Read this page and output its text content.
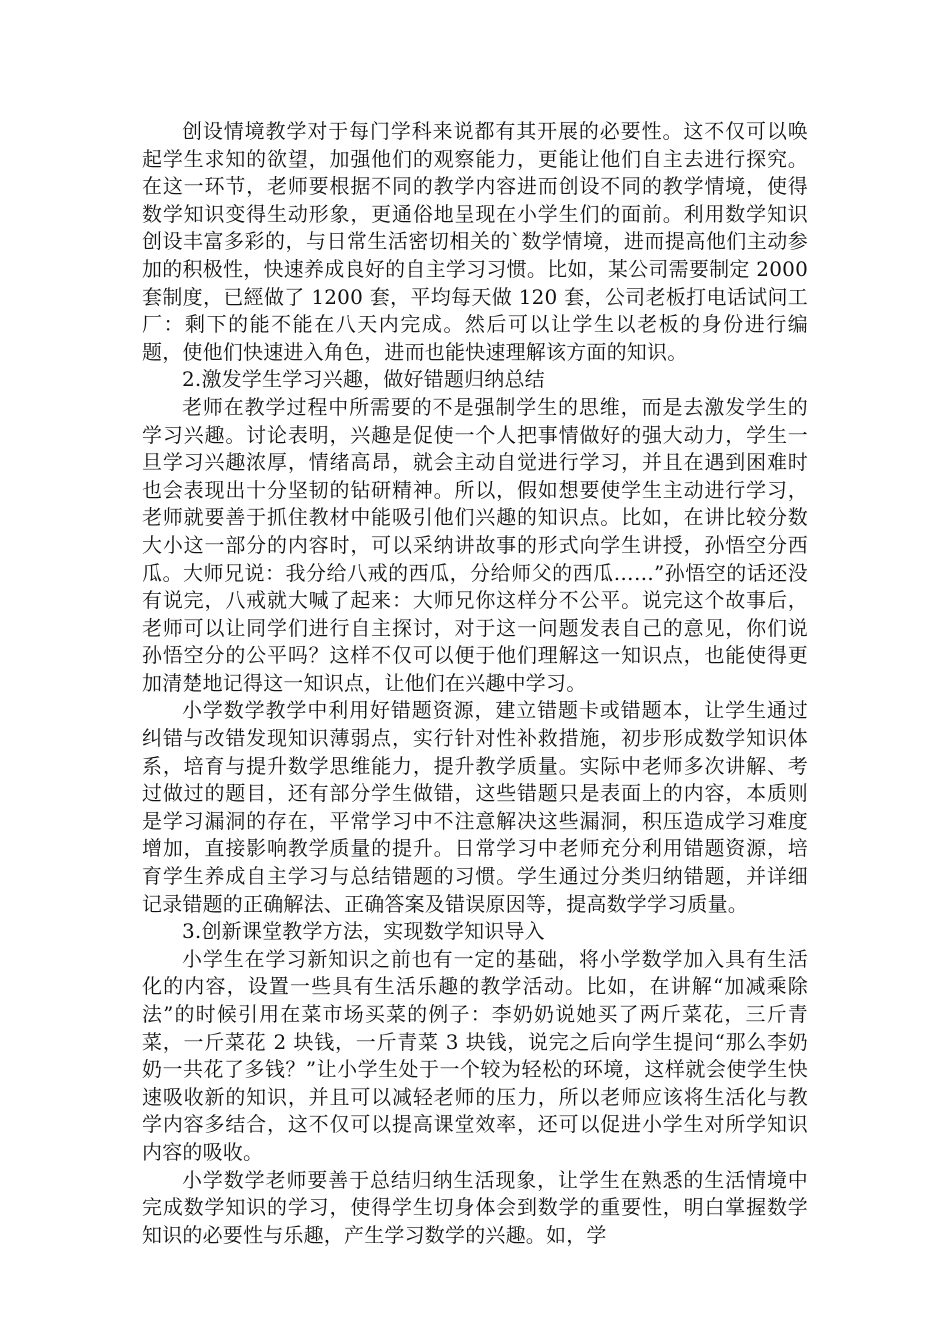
创设情境教学对于每门学科来说都有其开展的必要性。这不仅可以唤起学生求知的欲望，加强他们的观察能力，更能让他们自主去进行探究。在这一环节，老师要根据不同的教学内容进而创设不同的教学情境，使得数学知识变得生动形象，更通俗地呈现在小学生们的面前。利用数学知识创设丰富多彩的，与日常生活密切相关的`数学情境，进而提高他们主动参加的积极性，快速养成良好的自主学习习惯。比如，某公司需要制定 2000 套制度，已經做了 1200 套，平均每天做 120 套，公司老板打电话试问工厂：剩下的能不能在八天内完成。然后可以让学生以老板的身份进行编题，使他们快速进入角色，进而也能快速理解该方面的知识。

2.激发学生学习兴趣，做好错题归纳总结

老师在教学过程中所需要的不是强制学生的思维，而是去激发学生的学习兴趣。讨论表明，兴趣是促使一个人把事情做好的强大动力，学生一旦学习兴趣浓厚，情绪高昂，就会主动自觉进行学习，并且在遇到困难时也会表现出十分坚韧的钻研精神。所以，假如想要使学生主动进行学习，老师就要善于抓住教材中能吸引他们兴趣的知识点。比如，在讲比较分数大小这一部分的内容时，可以采纳讲故事的形式向学生讲授，孙悟空分西瓜。大师兄说：我分给八戒的西瓜，分给师父的西瓜……”孙悟空的话还没有说完，八戒就大喊了起来：大师兄你这样分不公平。说完这个故事后，老师可以让同学们进行自主探讨，对于这一问题发表自己的意见，你们说孙悟空分的公平吗？这样不仅可以便于他们理解这一知识点，也能使得更加清楚地记得这一知识点，让他们在兴趣中学习。

小学数学教学中利用好错题资源，建立错题卡或错题本，让学生通过纠错与改错发现知识薄弱点，实行针对性补救措施，初步形成数学知识体系，培育与提升数学思维能力，提升教学质量。实际中老师多次讲解、考过做过的题目，还有部分学生做错，这些错题只是表面上的内容，本质则是学习漏洞的存在，平常学习中不注意解决这些漏洞，积压造成学习难度增加，直接影响教学质量的提升。日常学习中老师充分利用错题资源，培育学生养成自主学习与总结错题的习惯。学生通过分类归纳错题，并详细记录错题的正确解法、正确答案及错误原因等，提高数学学习质量。

3.创新课堂教学方法，实现数学知识导入

小学生在学习新知识之前也有一定的基础，将小学数学加入具有生活化的内容，设置一些具有生活乐趣的教学活动。比如，在讲解“加减乘除法”的时候引用在菜市场买菜的例子：李奶奶说她买了两斤菜花，三斤青菜，一斤菜花 2 块钱，一斤青菜 3 块钱，说完之后向学生提问“那么李奶奶一共花了多钱？”让小学生处于一个较为轻松的环境，这样就会使学生快速吸收新的知识，并且可以减轻老师的压力，所以老师应该将生活化与教学内容多结合，这不仅可以提高课堂效率，还可以促进小学生对所学知识内容的吸收。

小学数学老师要善于总结归纳生活现象，让学生在熟悉的生活情境中完成数学知识的学习，使得学生切身体会到数学的重要性，明白掌握数学知识的必要性与乐趣，产生学习数学的兴趣。如，学
